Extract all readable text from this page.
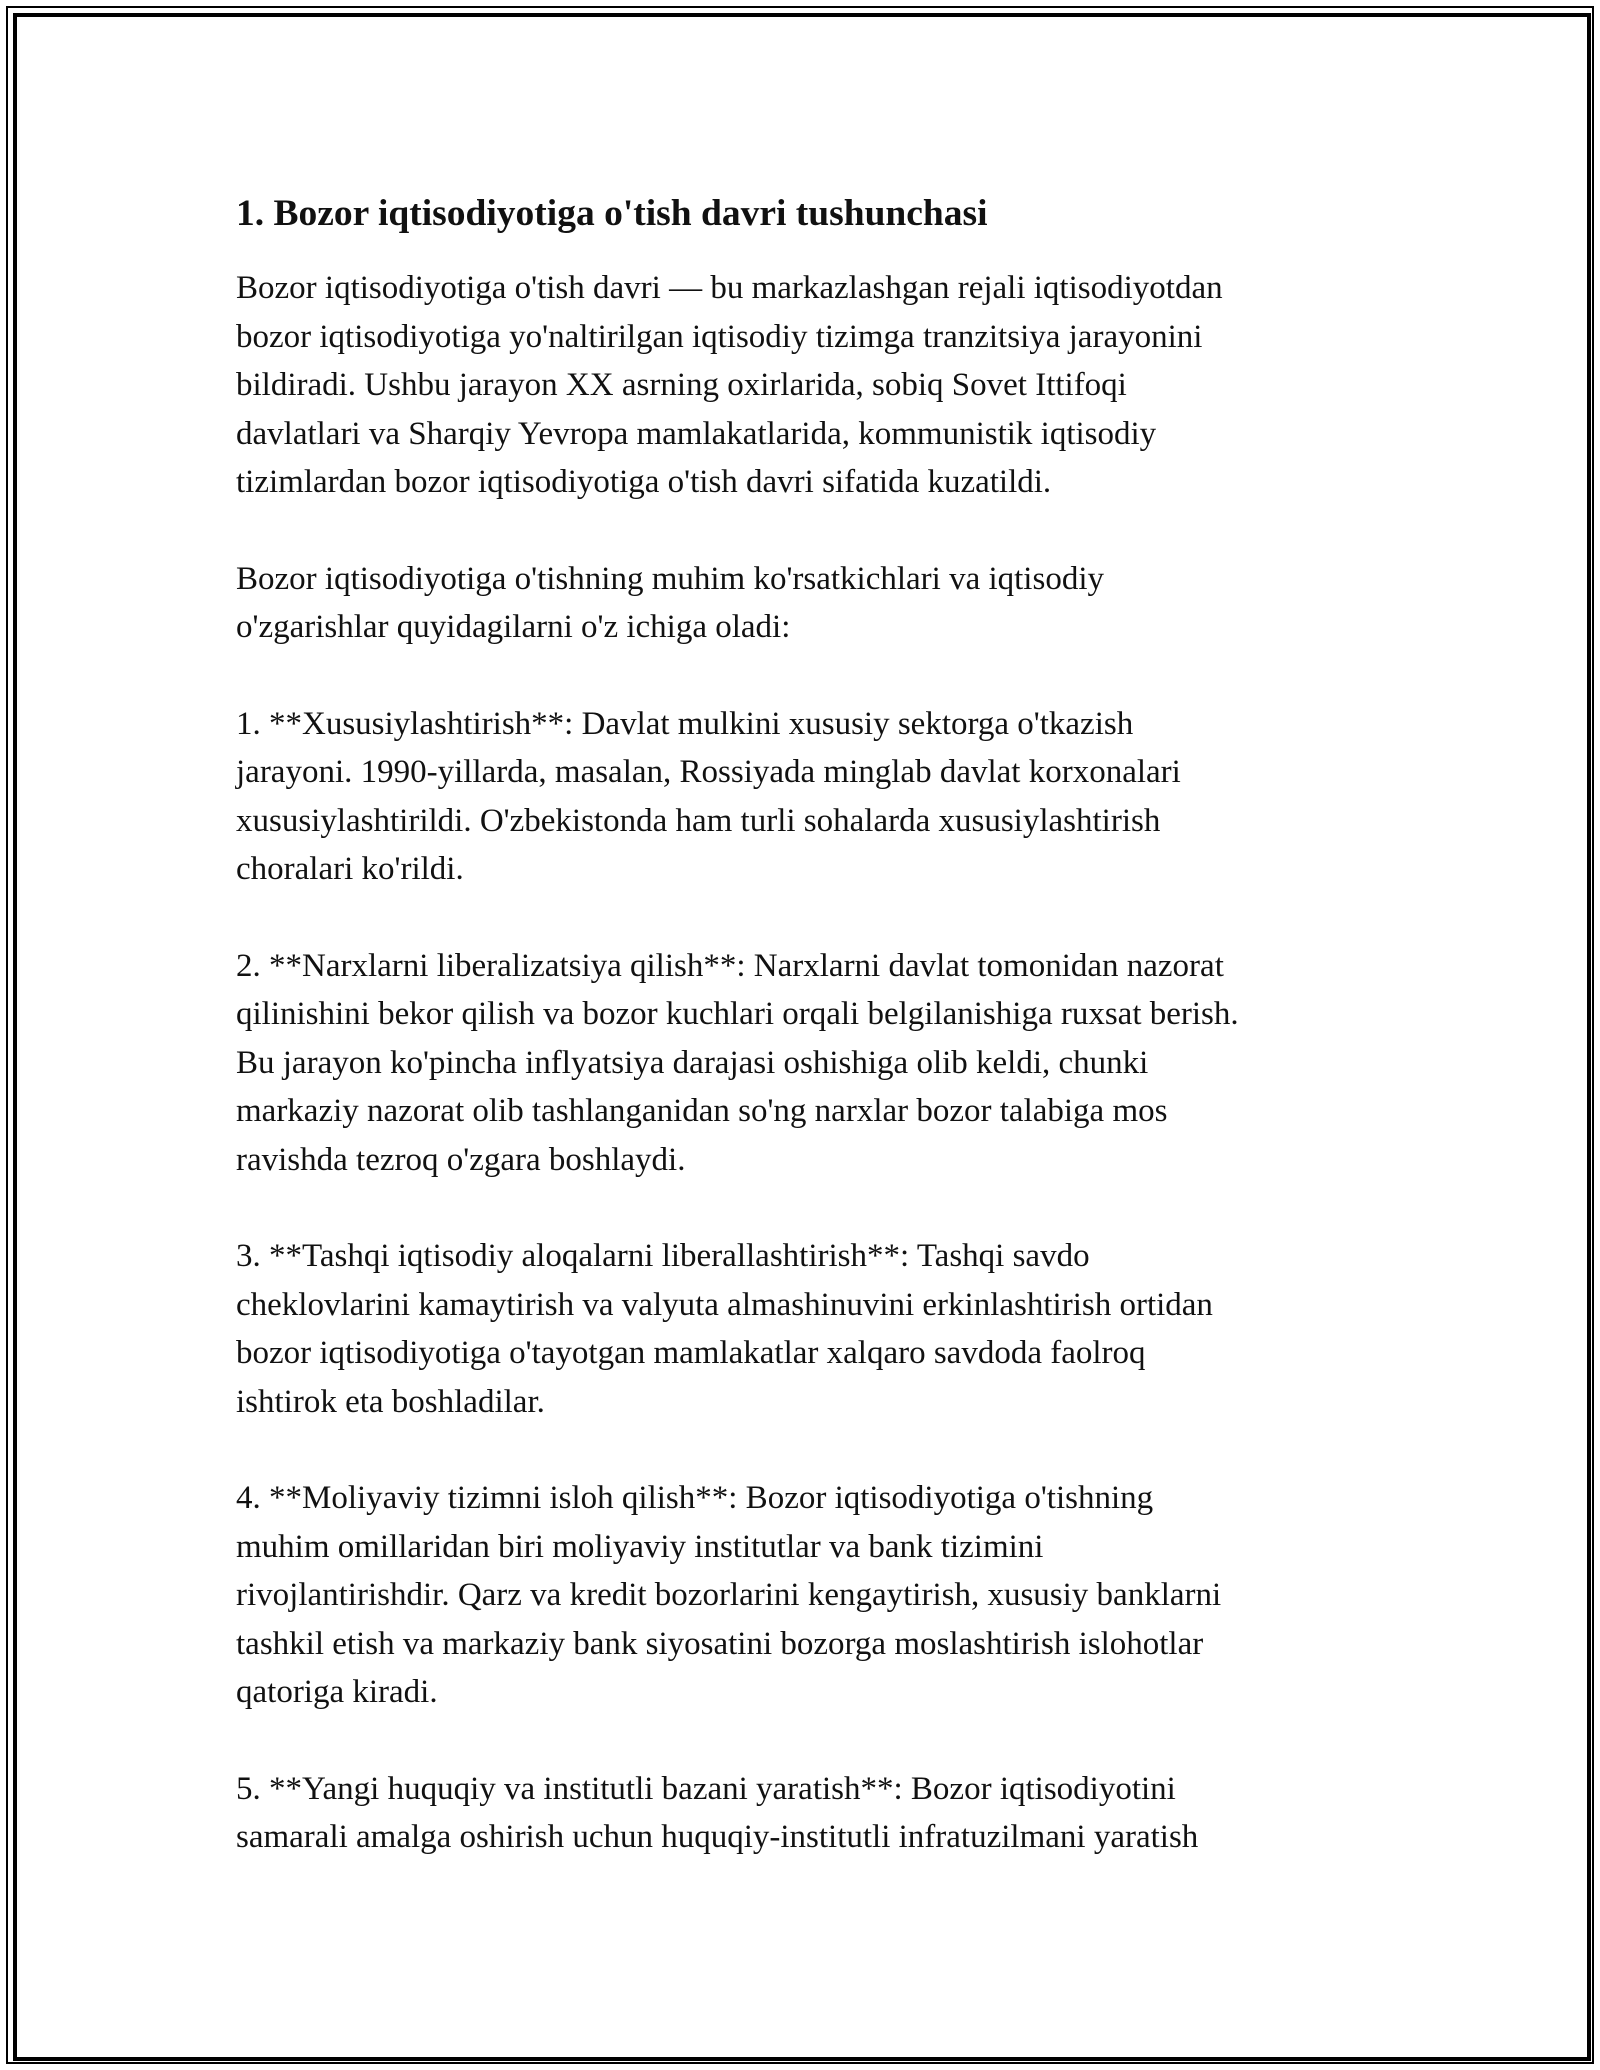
1. Bozor iqtisodiyotiga o'tish davri tushunchasi

Bozor iqtisodiyotiga o'tish davri — bu markazlashgan rejali iqtisodiyotdan
bozor iqtisodiyotiga yo'naltirilgan iqtisodiy tizimga tranzitsiya jarayonini
bildiradi. Ushbu jarayon XX asrning oxirlarida, sobiq Sovet Ittifoqi
davlatlari va Sharqiy Yevropa mamlakatlarida, kommunistik iqtisodiy
tizimlardan bozor iqtisodiyotiga o'tish davri sifatida kuzatildi.

Bozor iqtisodiyotiga o'tishning muhim ko'rsatkichlari va iqtisodiy
o'zgarishlar quyidagilarni o'z ichiga oladi:

1. **Xususiylashtirish**: Davlat mulkini xususiy sektorga o'tkazish
jarayoni. 1990-yillarda, masalan, Rossiyada minglab davlat korxonalari
xususiylashtirildi. O'zbekistonda ham turli sohalarda xususiylashtirish
choralari ko'rildi.

2. **Narxlarni liberalizatsiya qilish**: Narxlarni davlat tomonidan nazorat
qilinishini bekor qilish va bozor kuchlari orqali belgilanishiga ruxsat berish.
Bu jarayon ko'pincha inflyatsiya darajasi oshishiga olib keldi, chunki
markaziy nazorat olib tashlanganidan so'ng narxlar bozor talabiga mos
ravishda tezroq o'zgara boshlaydi.

3. **Tashqi iqtisodiy aloqalarni liberallashtirish**: Tashqi savdo
cheklovlarini kamaytirish va valyuta almashinuvini erkinlashtirish ortidan
bozor iqtisodiyotiga o'tayotgan mamlakatlar xalqaro savdoda faolroq
ishtirok eta boshladilar.

4. **Moliyaviy tizimni isloh qilish**: Bozor iqtisodiyotiga o'tishning
muhim omillaridan biri moliyaviy institutlar va bank tizimini
rivojlantirishdir. Qarz va kredit bozorlarini kengaytirish, xususiy banklarni
tashkil etish va markaziy bank siyosatini bozorga moslashtirish islohotlar
qatoriga kiradi.

5. **Yangi huquqiy va institutli bazani yaratish**: Bozor iqtisodiyotini
samarali amalga oshirish uchun huquqiy-institutli infratuzilmani yaratish
